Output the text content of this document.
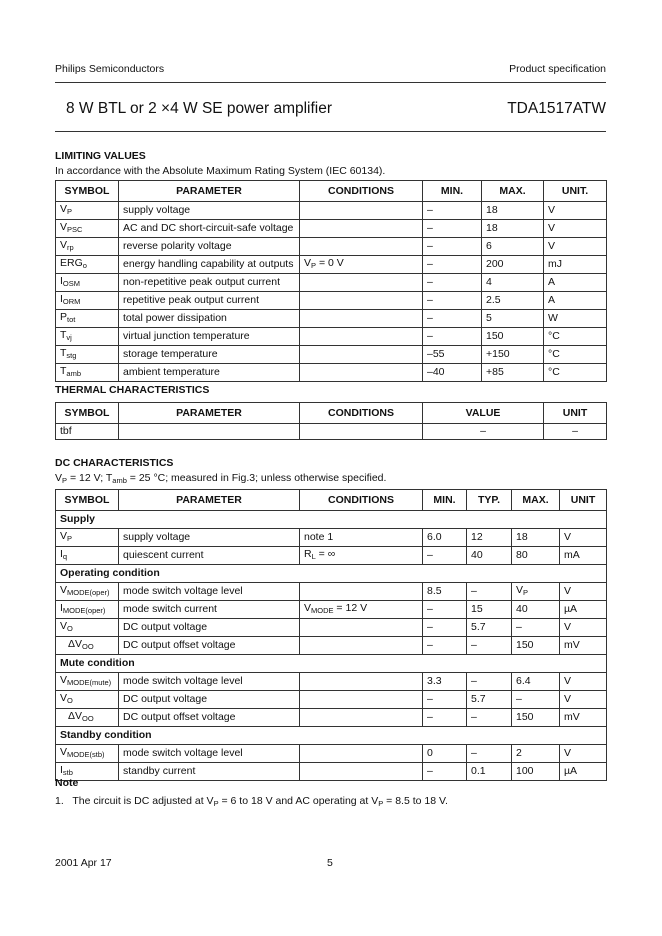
Philips Semiconductors	Product specification
8 W BTL or 2 ×4 W SE power amplifier	TDA1517ATW
LIMITING VALUES
In accordance with the Absolute Maximum Rating System (IEC 60134).
SYMBOL	PARAMETER	CONDITIONS	MIN.	MAX.	UNIT.
$V_P$	supply voltage		–	18	V
$V_{PSC}$	AC and DC short-circuit-safe voltage		–	18	V
$V_{rp}$	reverse polarity voltage		–	6	V
$ERG_o$	energy handling capability at outputs	$V_P = 0$ V	–	200	mJ
$I_{OSM}$	non-repetitive peak output current		–	4	A
$I_{ORM}$	repetitive peak output current		–	2.5	A
$P_{tot}$	total power dissipation		–	5	W
$T_{vj}$	virtual junction temperature		–	150	°C
$T_{stg}$	storage temperature		–55	+150	°C
$T_{amb}$	ambient temperature		–40	+85	°C
THERMAL CHARACTERISTICS
SYMBOL	PARAMETER	CONDITIONS	VALUE	UNIT
tbf			–	–
DC CHARACTERISTICS
$V_P = 12$ V; $T_{amb} = 25$ °C; measured in Fig.3; unless otherwise specified.
SYMBOL	PARAMETER	CONDITIONS	MIN.	TYP.	MAX.	UNIT
Supply						
$V_P$	supply voltage	note 1	6.0	12	18	V
$I_q$	quiescent current	$R_L$ = ∞	–	40	80	mA
Operating condition						
$V_{MODE(oper)}$	mode switch voltage level		8.5	–	$V_P$	V
$I_{MODE(oper)}$	mode switch current	$V_{MODE} = 12$ V	–	15	40	µA
$V_O$	DC output voltage		–	5.7	–	V
$\Delta V_{OO}$	DC output offset voltage		–	–	150	mV
Mute condition						
$V_{MODE(mute)}$	mode switch voltage level		3.3	–	6.4	V
$V_O$	DC output voltage		–	5.7	–	V
$\Delta V_{OO}$	DC output offset voltage		–	–	150	mV
Standby condition						
$V_{MODE(stb)}$	mode switch voltage level		0	–	2	V
$I_{stb}$	standby current		–	0.1	100	µA
Note
1. The circuit is DC adjusted at $V_P = 6$ to 18 V and AC operating at $V_P = 8.5$ to 18 V.
2001 Apr 17	5
